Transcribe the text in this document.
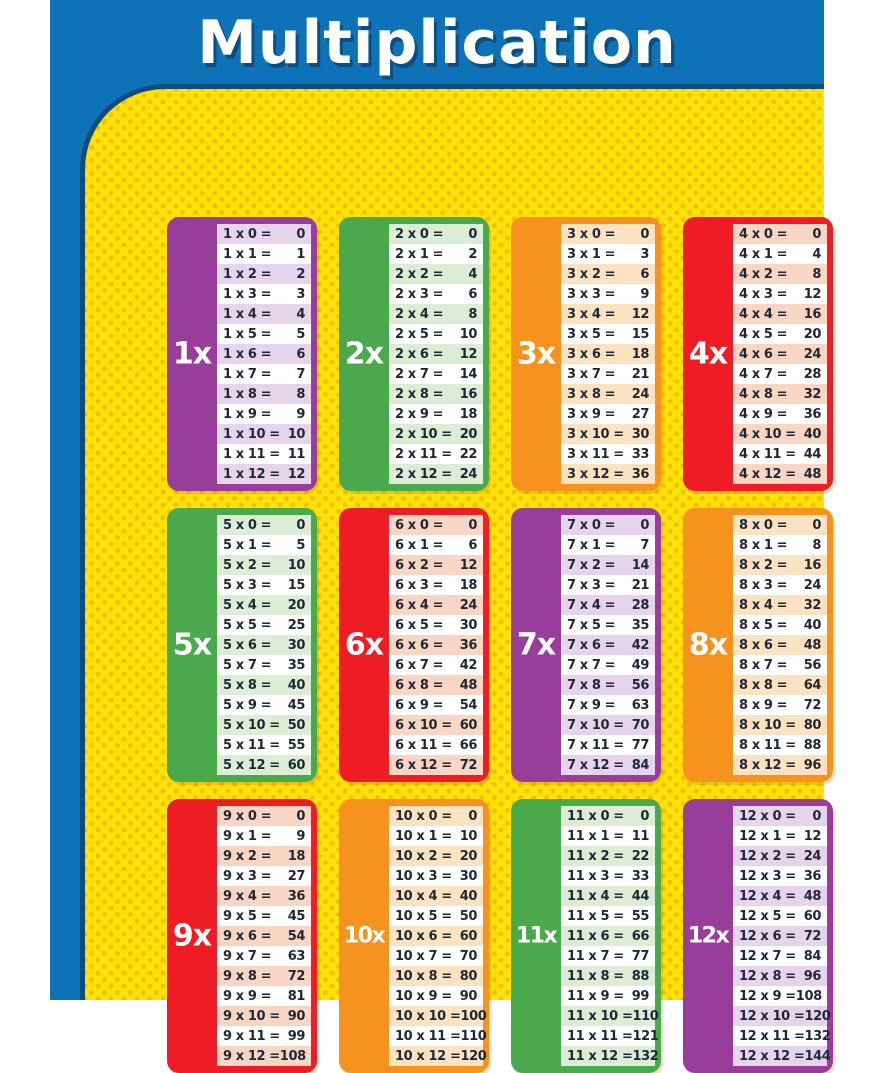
Multiplication
1x
1 x 0 = 0
1 x 1 = 1
1 x 2 = 2
1 x 3 = 3
1 x 4 = 4
1 x 5 = 5
1 x 6 = 6
1 x 7 = 7
1 x 8 = 8
1 x 9 = 9
1 x 10 = 10
1 x 11 = 11
1 x 12 = 12
2x
2 x 0 = 0
2 x 1 = 2
2 x 2 = 4
2 x 3 = 6
2 x 4 = 8
2 x 5 = 10
2 x 6 = 12
2 x 7 = 14
2 x 8 = 16
2 x 9 = 18
2 x 10 = 20
2 x 11 = 22
2 x 12 = 24
3x
3 x 0 = 0
3 x 1 = 3
3 x 2 = 6
3 x 3 = 9
3 x 4 = 12
3 x 5 = 15
3 x 6 = 18
3 x 7 = 21
3 x 8 = 24
3 x 9 = 27
3 x 10 = 30
3 x 11 = 33
3 x 12 = 36
4x
4 x 0 = 0
4 x 1 = 4
4 x 2 = 8
4 x 3 = 12
4 x 4 = 16
4 x 5 = 20
4 x 6 = 24
4 x 7 = 28
4 x 8 = 32
4 x 9 = 36
4 x 10 = 40
4 x 11 = 44
4 x 12 = 48
5x
5 x 0 = 0
5 x 1 = 5
5 x 2 = 10
5 x 3 = 15
5 x 4 = 20
5 x 5 = 25
5 x 6 = 30
5 x 7 = 35
5 x 8 = 40
5 x 9 = 45
5 x 10 = 50
5 x 11 = 55
5 x 12 = 60
6x
6 x 0 = 0
6 x 1 = 6
6 x 2 = 12
6 x 3 = 18
6 x 4 = 24
6 x 5 = 30
6 x 6 = 36
6 x 7 = 42
6 x 8 = 48
6 x 9 = 54
6 x 10 = 60
6 x 11 = 66
6 x 12 = 72
7x
7 x 0 = 0
7 x 1 = 7
7 x 2 = 14
7 x 3 = 21
7 x 4 = 28
7 x 5 = 35
7 x 6 = 42
7 x 7 = 49
7 x 8 = 56
7 x 9 = 63
7 x 10 = 70
7 x 11 = 77
7 x 12 = 84
8x
8 x 0 = 0
8 x 1 = 8
8 x 2 = 16
8 x 3 = 24
8 x 4 = 32
8 x 5 = 40
8 x 6 = 48
8 x 7 = 56
8 x 8 = 64
8 x 9 = 72
8 x 10 = 80
8 x 11 = 88
8 x 12 = 96
9x
9 x 0 = 0
9 x 1 = 9
9 x 2 = 18
9 x 3 = 27
9 x 4 = 36
9 x 5 = 45
9 x 6 = 54
9 x 7 = 63
9 x 8 = 72
9 x 9 = 81
9 x 10 = 90
9 x 11 = 99
9 x 12 = 108
10x
10 x 0 = 0
10 x 1 = 10
10 x 2 = 20
10 x 3 = 30
10 x 4 = 40
10 x 5 = 50
10 x 6 = 60
10 x 7 = 70
10 x 8 = 80
10 x 9 = 90
10 x 10 = 100
10 x 11 = 110
10 x 12 = 120
11x
11 x 0 = 0
11 x 1 = 11
11 x 2 = 22
11 x 3 = 33
11 x 4 = 44
11 x 5 = 55
11 x 6 = 66
11 x 7 = 77
11 x 8 = 88
11 x 9 = 99
11 x 10 = 110
11 x 11 = 121
11 x 12 = 132
12x
12 x 0 = 0
12 x 1 = 12
12 x 2 = 24
12 x 3 = 36
12 x 4 = 48
12 x 5 = 60
12 x 6 = 72
12 x 7 = 84
12 x 8 = 96
12 x 9 = 108
12 x 10 = 120
12 x 11 = 132
12 x 12 = 144
